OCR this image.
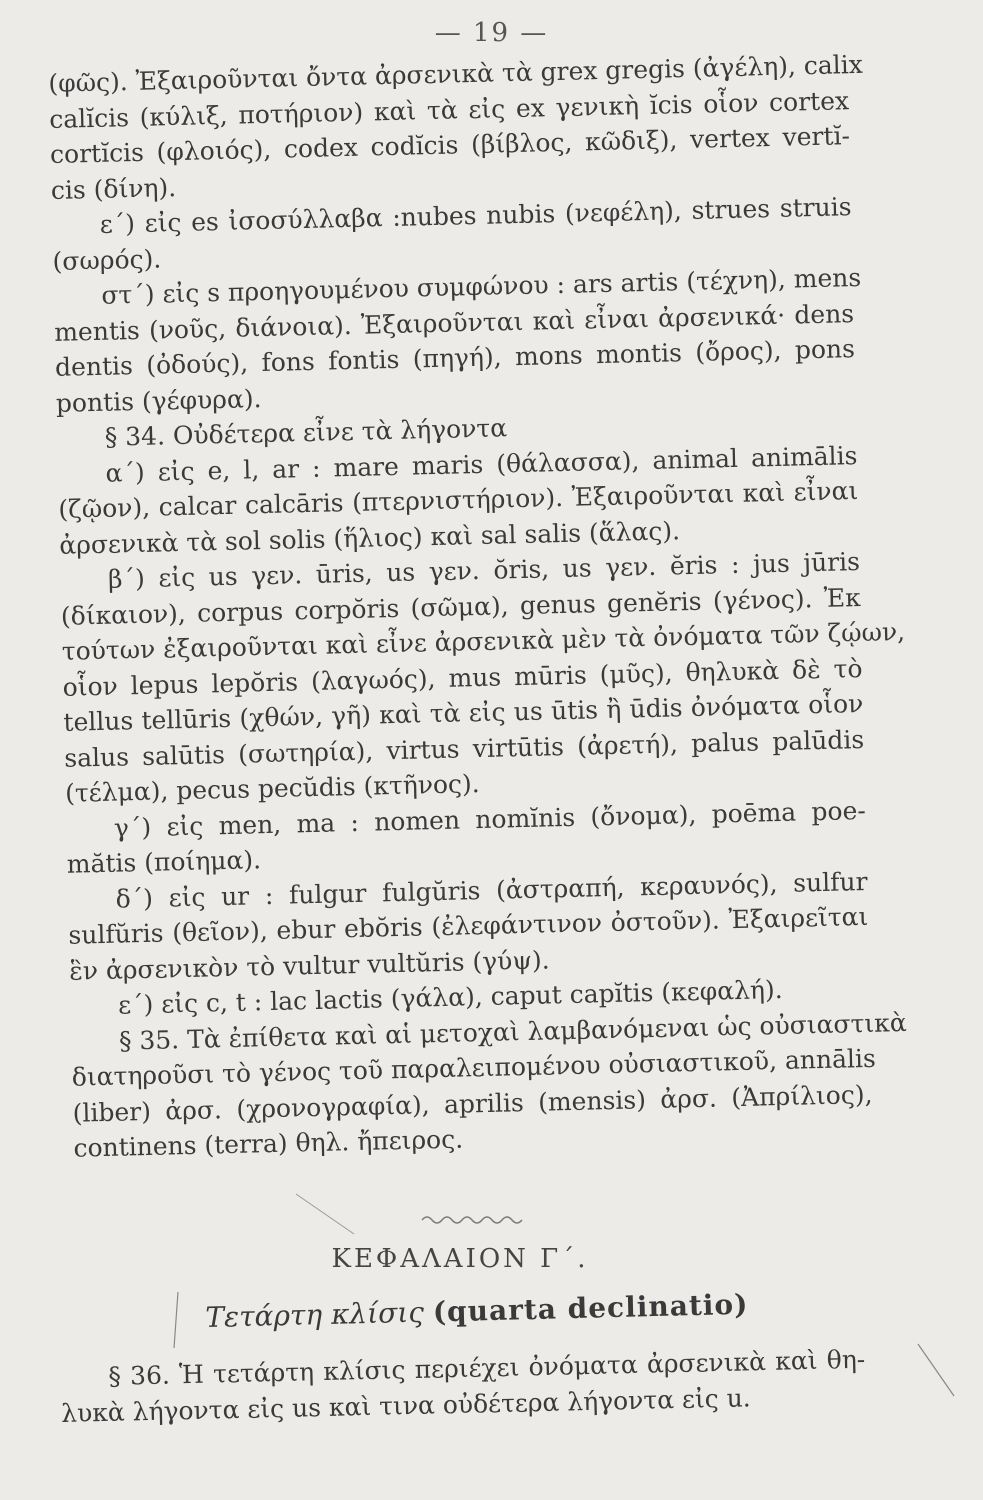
— 19 —
(φῶς). Ἐξαιροῦνται ὄντα ἀρσενικὰ τὰ grex gregis (ἀγέλη), calix
calĭcis (κύλιξ, ποτήριον) καὶ τὰ εἰς ex γενικὴ ĭcis οἷον cortex
cortĭcis (φλοιός), codex codĭcis (βίβλος, κῶδιξ), vertex vertĭ-
cis (δίνη).
ε΄) εἰς es ἰσοσύλλαβα :nubes nubis (νεφέλη), strues struis
(σωρός).
στ΄) εἰς s προηγουμένου συμφώνου : ars artis (τέχνη), mens
mentis (νοῦς, διάνοια). Ἐξαιροῦνται καὶ εἶναι ἀρσενικά· dens
dentis (ὀδούς), fons fontis (πηγή), mons montis (ὄρος), pons
pontis (γέφυρα).
§ 34. Οὐδέτερα εἶνε τὰ λήγοντα
α΄) εἰς e, l, ar : mare maris (θάλασσα), animal animālis
(ζῷον), calcar calcāris (πτερνιστήριον). Ἐξαιροῦνται καὶ εἶναι
ἀρσενικὰ τὰ sol solis (ἥλιος) καὶ sal salis (ἅλας).
β΄) εἰς us γεν. ūris, us γεν. ŏris, us γεν. ĕris : jus jūris
(δίκαιον), corpus corpŏris (σῶμα), genus genĕris (γένος). Ἐκ
τούτων ἐξαιροῦνται καὶ εἶνε ἀρσενικὰ μὲν τὰ ὀνόματα τῶν ζῴων,
οἷον lepus lepŏris (λαγωός), mus mūris (μῦς), θηλυκὰ δὲ τὸ
tellus tellūris (χθών, γῆ) καὶ τὰ εἰς us ūtis ἢ ūdis ὀνόματα οἷον
salus salūtis (σωτηρία), virtus virtūtis (ἀρετή), palus palūdis
(τέλμα), pecus pecŭdis (κτῆνος).
γ΄) εἰς men, ma : nomen nomĭnis (ὄνομα), poēma poe-
mătis (ποίημα).
δ΄) εἰς ur : fulgur fulgŭris (ἀστραπή, κεραυνός), sulfur
sulfŭris (θεῖον), ebur ebŏris (ἐλεφάντινον ὀστοῦν). Ἐξαιρεῖται
ἓν ἀρσενικὸν τὸ vultur vultŭris (γύψ).
ε΄) εἰς c, t : lac lactis (γάλα), caput capĭtis (κεφαλή).
§ 35. Τὰ ἐπίθετα καὶ αἱ μετοχαὶ λαμβανόμεναι ὡς οὐσιαστικὰ
διατηροῦσι τὸ γένος τοῦ παραλειπομένου οὐσιαστικοῦ, annālis
(liber) ἀρσ. (χρονογραφία), aprilis (mensis) ἀρσ. (Ἀπρίλιος),
continens (terra) θηλ. ἤπειρος.
ΚΕΦΑΛΑΙΟΝ Γ΄.
Τετάρτη κλίσις (quarta declinatio)
§ 36. Ἡ τετάρτη κλίσις περιέχει ὀνόματα ἀρσενικὰ καὶ θη-
λυκὰ λήγοντα εἰς us καὶ τινα οὐδέτερα λήγοντα εἰς u.
